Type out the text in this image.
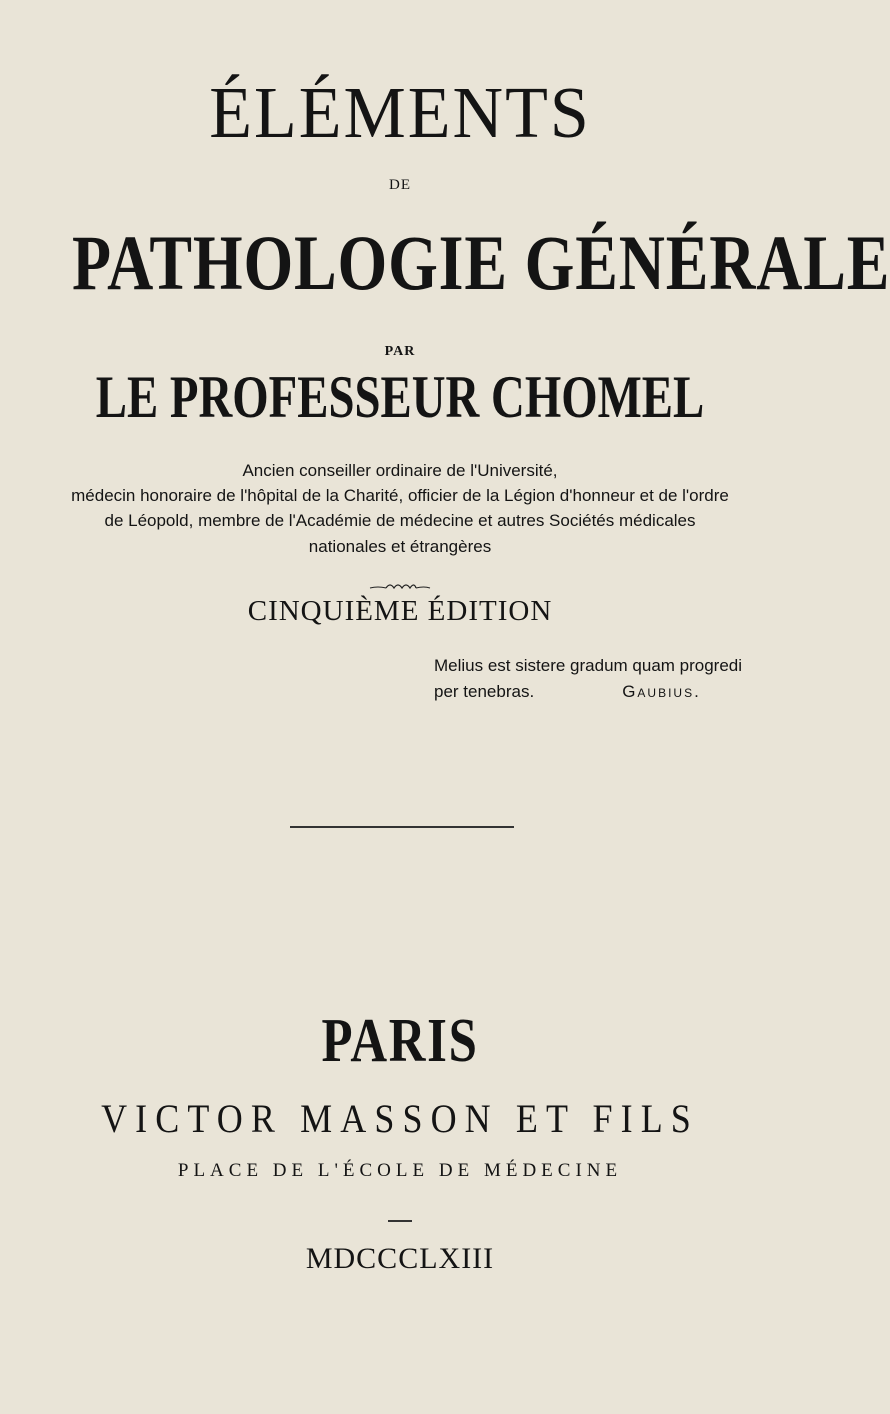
ÉLÉMENTS
DE
PATHOLOGIE GÉNÉRALE
PAR
LE PROFESSEUR CHOMEL
Ancien conseiller ordinaire de l'Université,
médecin honoraire de l'hôpital de la Charité, officier de la Légion d'honneur et de l'ordre
de Léopold, membre de l'Académie de médecine et autres Sociétés médicales
nationales et étrangères
CINQUIÈME ÉDITION
Melius est sistere gradum quam progredi
per tenebras.	Gaubius.
PARIS
VICTOR MASSON ET FILS
PLACE DE L'ÉCOLE DE MÉDECINE
MDCCCLXIII
